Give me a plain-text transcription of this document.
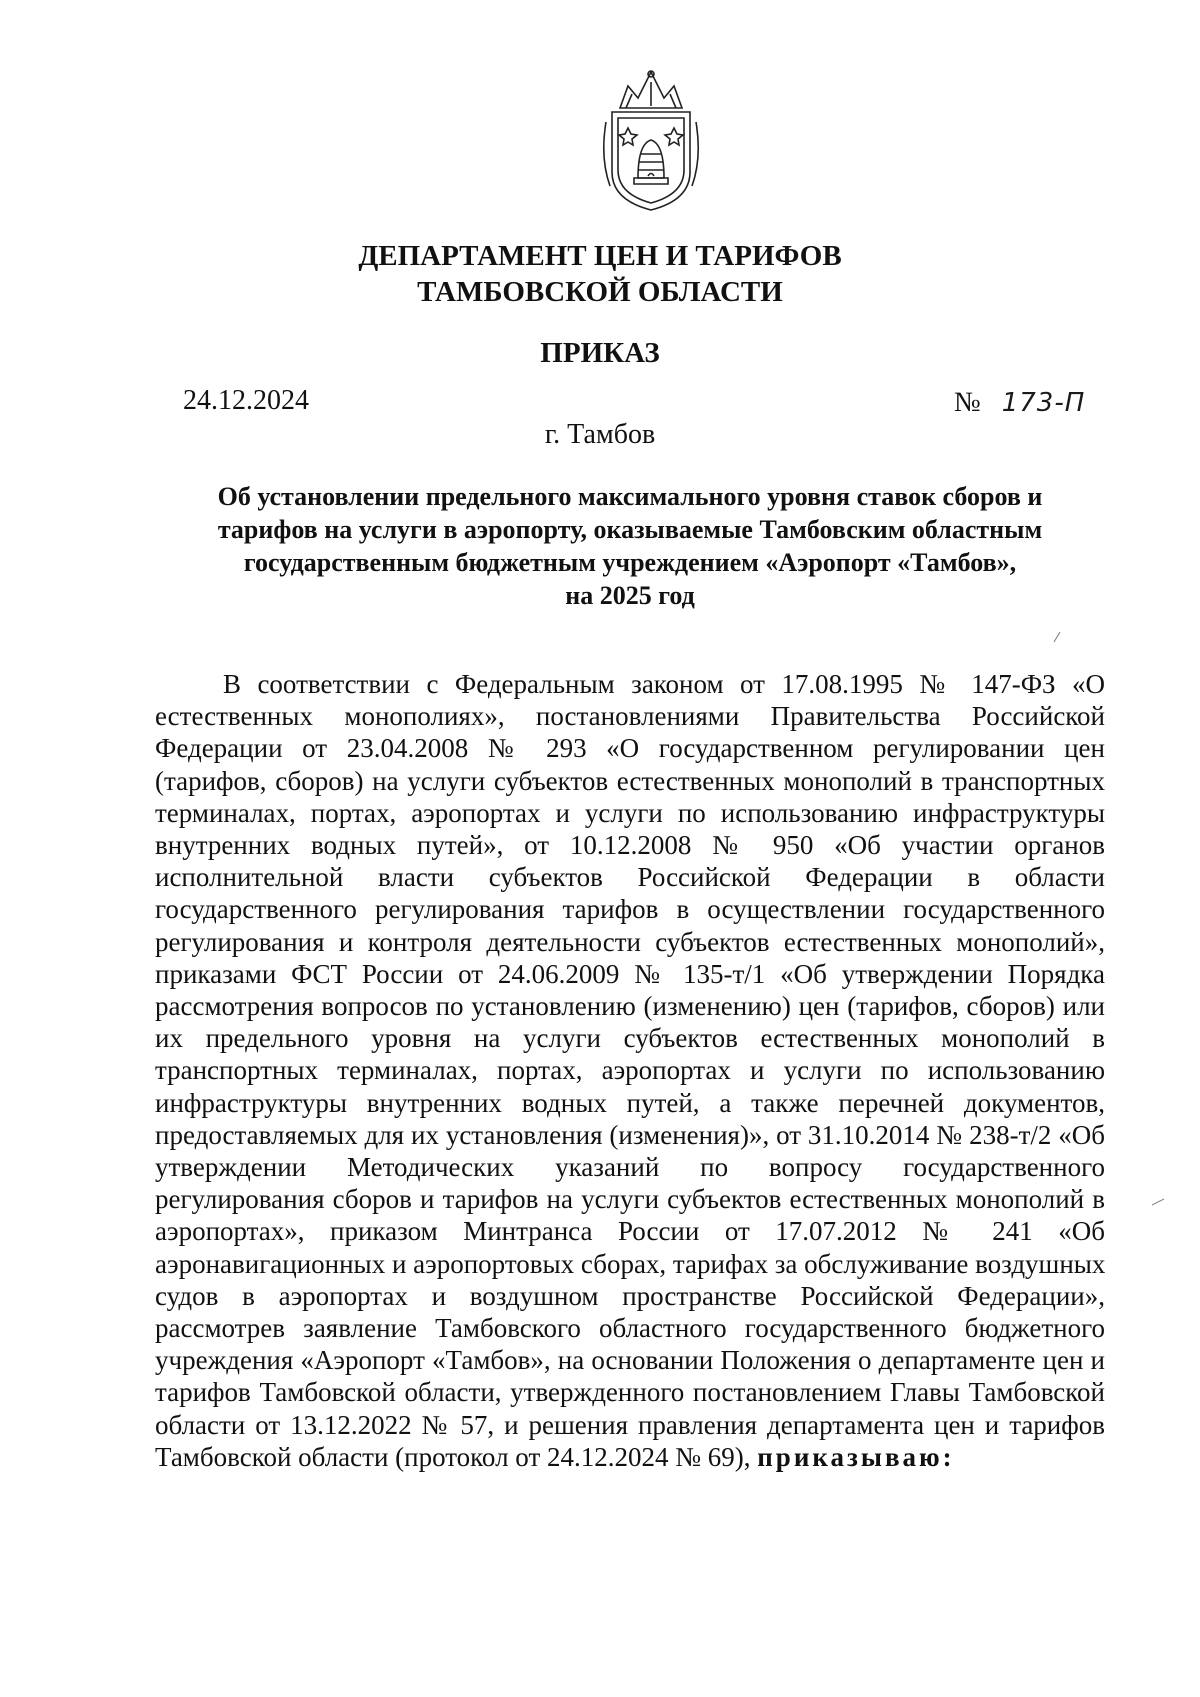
ДЕПАРТАМЕНТ ЦЕН И ТАРИФОВ
ТАМБОВСКОЙ ОБЛАСТИ
ПРИКАЗ
24.12.2024	№ 173-П
г. Тамбов
Об установлении предельного максимального уровня ставок сборов и
тарифов на услуги в аэропорту, оказываемые Тамбовским областным
государственным бюджетным учреждением «Аэропорт «Тамбов»,
на 2025 год
В соответствии с Федеральным законом от 17.08.1995 № 147-ФЗ «О
естественных монополиях», постановлениями Правительства Российской
Федерации от 23.04.2008 № 293 «О государственном регулировании цен
(тарифов, сборов) на услуги субъектов естественных монополий в транспортных
терминалах, портах, аэропортах и услуги по использованию инфраструктуры
внутренних водных путей», от 10.12.2008 № 950 «Об участии органов
исполнительной власти субъектов Российской Федерации в области
государственного регулирования тарифов в осуществлении государственного
регулирования и контроля деятельности субъектов естественных монополий»,
приказами ФСТ России от 24.06.2009 № 135-т/1 «Об утверждении Порядка
рассмотрения вопросов по установлению (изменению) цен (тарифов, сборов) или
их предельного уровня на услуги субъектов естественных монополий в
транспортных терминалах, портах, аэропортах и услуги по использованию
инфраструктуры внутренних водных путей, а также перечней документов,
предоставляемых для их установления (изменения)», от 31.10.2014 № 238-т/2 «Об
утверждении Методических указаний по вопросу государственного
регулирования сборов и тарифов на услуги субъектов естественных монополий в
аэропортах», приказом Минтранса России от 17.07.2012 № 241 «Об
аэронавигационных и аэропортовых сборах, тарифах за обслуживание воздушных
судов в аэропортах и воздушном пространстве Российской Федерации»,
рассмотрев заявление Тамбовского областного государственного бюджетного
учреждения «Аэропорт «Тамбов», на основании Положения о департаменте цен и
тарифов Тамбовской области, утвержденного постановлением Главы Тамбовской
области от 13.12.2022 № 57, и решения правления департамента цен и тарифов
Тамбовской области (протокол от 24.12.2024 № 69), приказываю:
